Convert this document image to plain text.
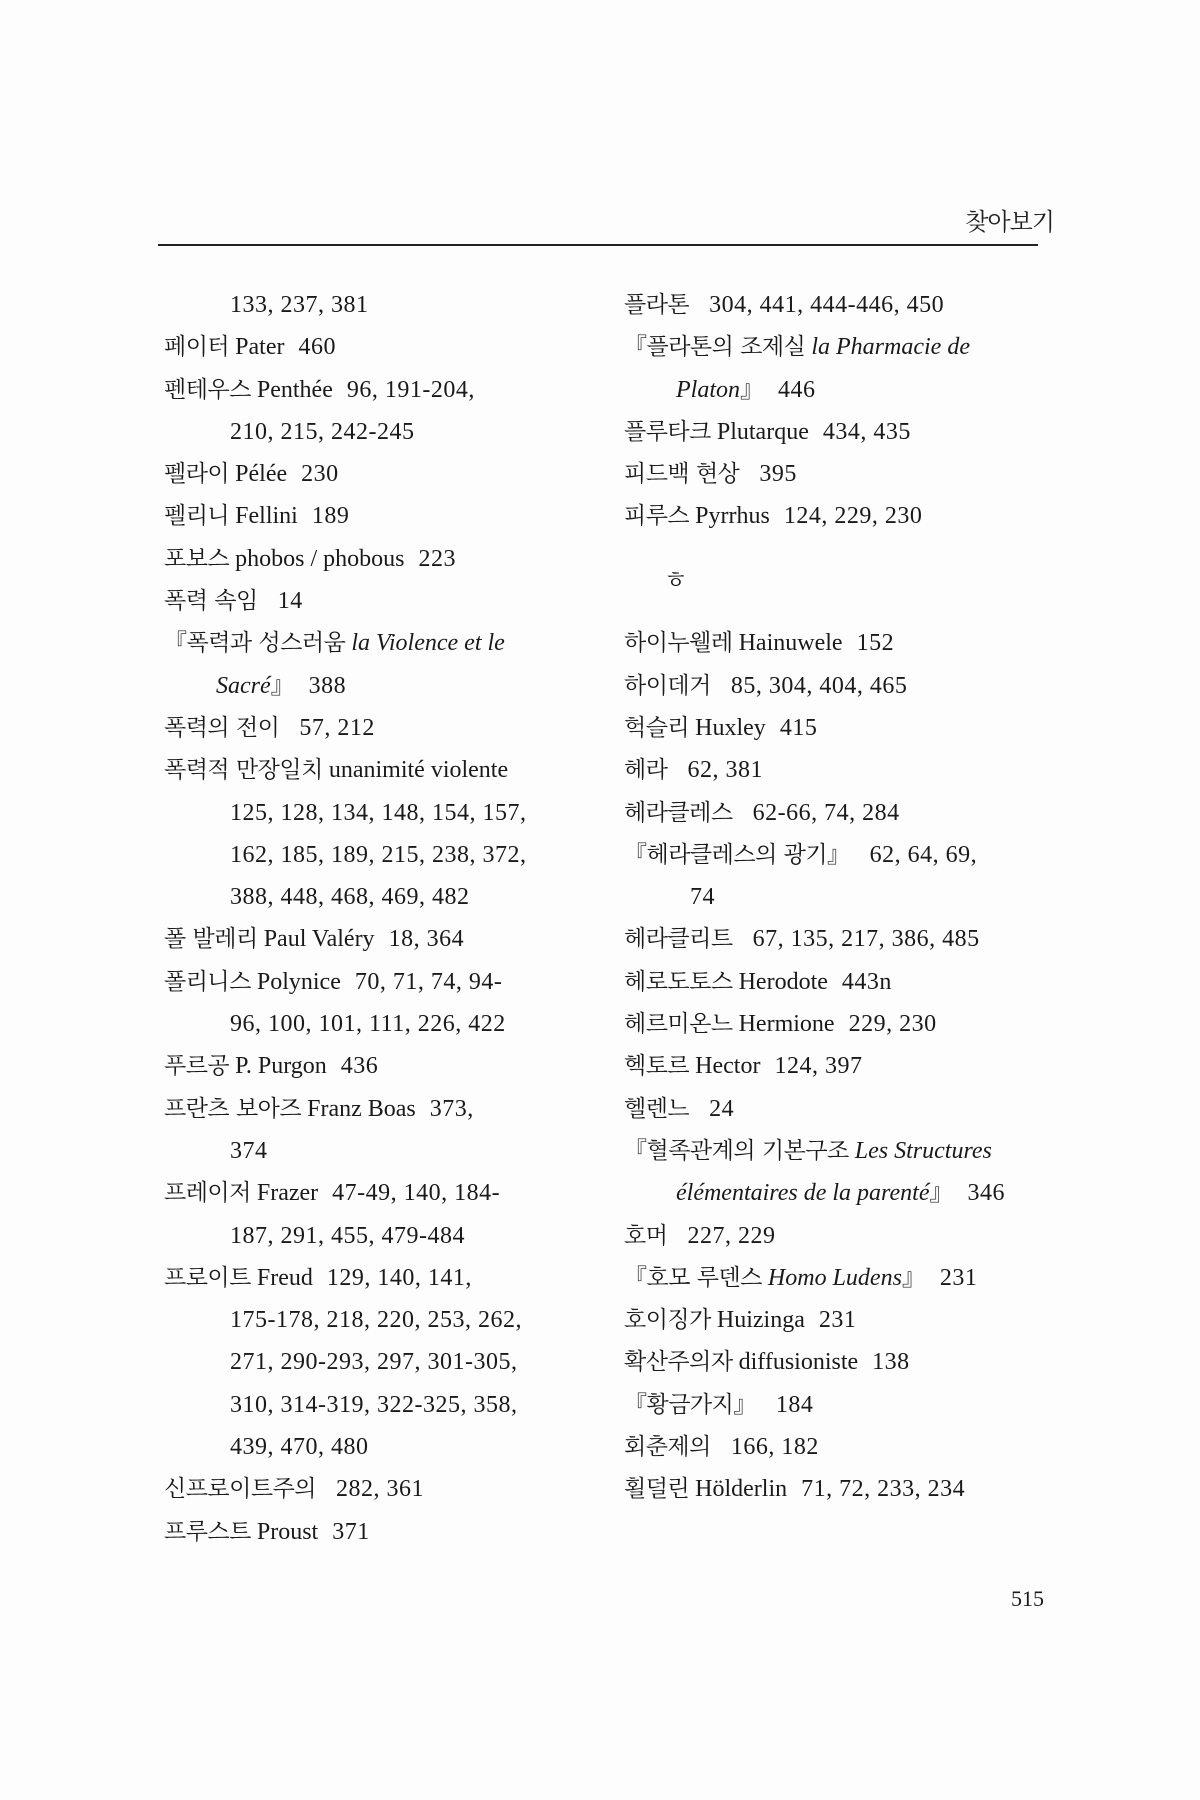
찾아보기
133, 237, 381
페이터 Pater 460
펜테우스 Penthée 96, 191-204,
210, 215, 242-245
펠라이 Pélée 230
펠리니 Fellini 189
포보스 phobos / phobous 223
폭력 속임 14
『폭력과 성스러움 la Violence et le
Sacré』 388
폭력의 전이 57, 212
폭력적 만장일치 unanimité violente
125, 128, 134, 148, 154, 157,
162, 185, 189, 215, 238, 372,
388, 448, 468, 469, 482
폴 발레리 Paul Valéry 18, 364
폴리니스 Polynice 70, 71, 74, 94-
96, 100, 101, 111, 226, 422
푸르공 P. Purgon 436
프란츠 보아즈 Franz Boas 373,
374
프레이저 Frazer 47-49, 140, 184-
187, 291, 455, 479-484
프로이트 Freud 129, 140, 141,
175-178, 218, 220, 253, 262,
271, 290-293, 297, 301-305,
310, 314-319, 322-325, 358,
439, 470, 480
신프로이트주의 282, 361
프루스트 Proust 371
플라톤 304, 441, 444-446, 450
『플라톤의 조제실 la Pharmacie de
Platon』 446
플루타크 Plutarque 434, 435
피드백 현상 395
피루스 Pyrrhus 124, 229, 230
ㅎ
하이누웰레 Hainuwele 152
하이데거 85, 304, 404, 465
헉슬리 Huxley 415
헤라 62, 381
헤라클레스 62-66, 74, 284
『헤라클레스의 광기』 62, 64, 69,
74
헤라클리트 67, 135, 217, 386, 485
헤로도토스 Herodote 443n
헤르미온느 Hermione 229, 230
헥토르 Hector 124, 397
헬렌느 24
『혈족관계의 기본구조 Les Structures
élémentaires de la parenté』 346
호머 227, 229
『호모 루덴스 Homo Ludens』 231
호이징가 Huizinga 231
확산주의자 diffusioniste 138
『황금가지』 184
회춘제의 166, 182
횔덜린 Hölderlin 71, 72, 233, 234
515
